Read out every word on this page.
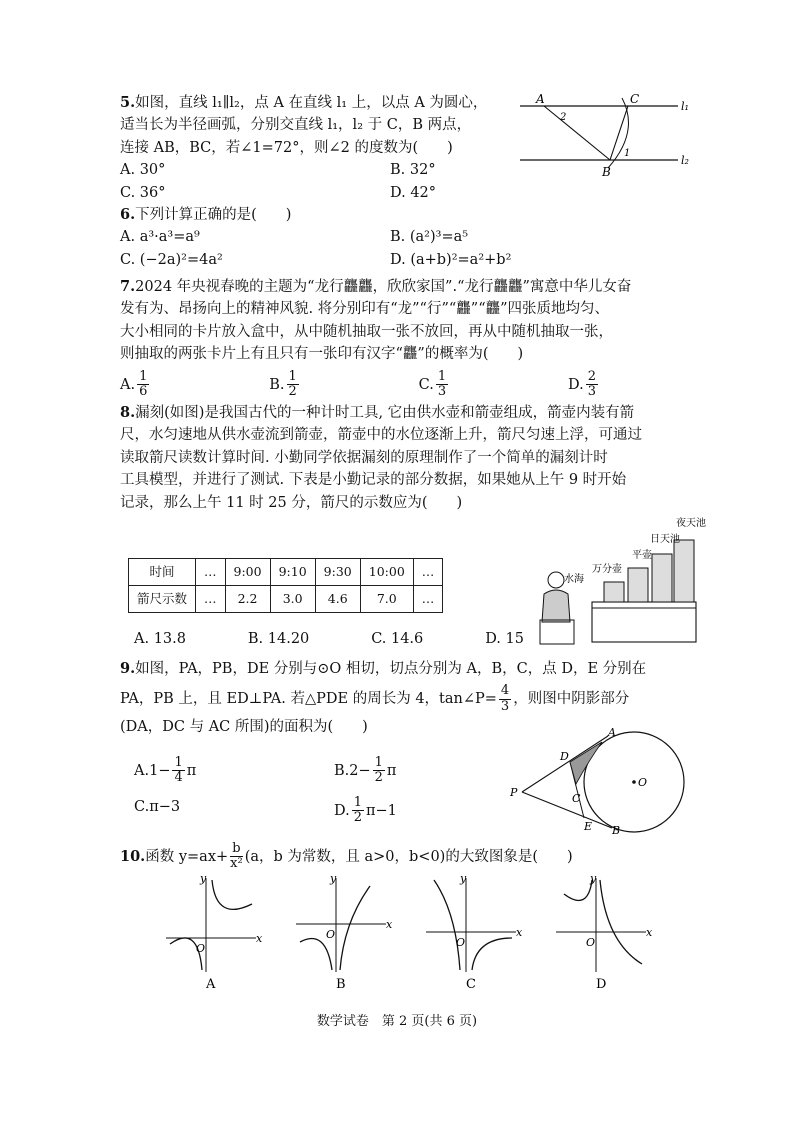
5.如图，直线 l₁∥l₂，点 A 在直线 l₁ 上，以点 A 为圆心，
适当长为半径画弧，分别交直线 l₁，l₂ 于 C，B 两点，
连接 AB，BC，若∠1=72°，则∠2 的度数为(　　)
A. 30°	B. 32°
C. 36°	D. 42°
A	C
B
l₁
l₂
2
1
6.下列计算正确的是(　　)
A. a³·a³=a⁹	B. (a²)³=a⁵
C. (−2a)²=4a²	D. (a+b)²=a²+b²
7.2024 年央视春晚的主题为“龙行龘龘，欣欣家国”.“龙行龘龘”寓意中华儿女奋
发有为、昂扬向上的精神风貌. 将分别印有“龙”“行”“龘”“龘”四张质地均匀、
大小相同的卡片放入盒中，从中随机抽取一张不放回，再从中随机抽取一张，
则抽取的两张卡片上有且只有一张印有汉字“龘”的概率为(　　)
A. $\frac{1}{6}$	B. $\frac{1}{2}$	C. $\frac{1}{3}$	D. $\frac{2}{3}$
8.漏刻(如图)是我国古代的一种计时工具, 它由供水壶和箭壶组成，箭壶内装有箭
尺，水匀速地从供水壶流到箭壶，箭壶中的水位逐渐上升，箭尺匀速上浮，可通过
读取箭尺读数计算时间. 小勤同学依据漏刻的原理制作了一个简单的漏刻计时
工具模型，并进行了测试. 下表是小勤记录的部分数据，如果她从上午 9 时开始
记录，那么上午 11 时 25 分，箭尺的示数应为(　　)
时间	…	9:00	9:10	9:30	10:00	…
箭尺示数	…	2.2	3.0	4.6	7.0	…
夜天池
日天池
平壶
万分壶
水海
A. 13.8	B. 14.20	C. 14.6	D. 15
9.如图，PA，PB，DE 分别与⊙O 相切，切点分别为 A，B，C，点 D，E 分别在
PA，PB 上，且 ED⊥PA. 若△PDE 的周长为 4，tan∠P= $\frac{4}{3}$ ，则图中阴影部分
(DA，DC 与 AC 所围)的面积为(　　)
$A.1- \frac{1}{4}$ π	$B.2- \frac{1}{2}$ π
C.π−3	D. $\frac{1}{2} \pi-1$
P
A
B
C
D
E
O
10.函数 $y=ax+ \frac{b}{\text{x²}} (a$，b 为常数，且 a>0，b<0)的大致图象是(　　)
y
x
O
A
y
x
O
B
y
x
O
C
y
x
O
D
数学试卷　第 2 页(共 6 页)
